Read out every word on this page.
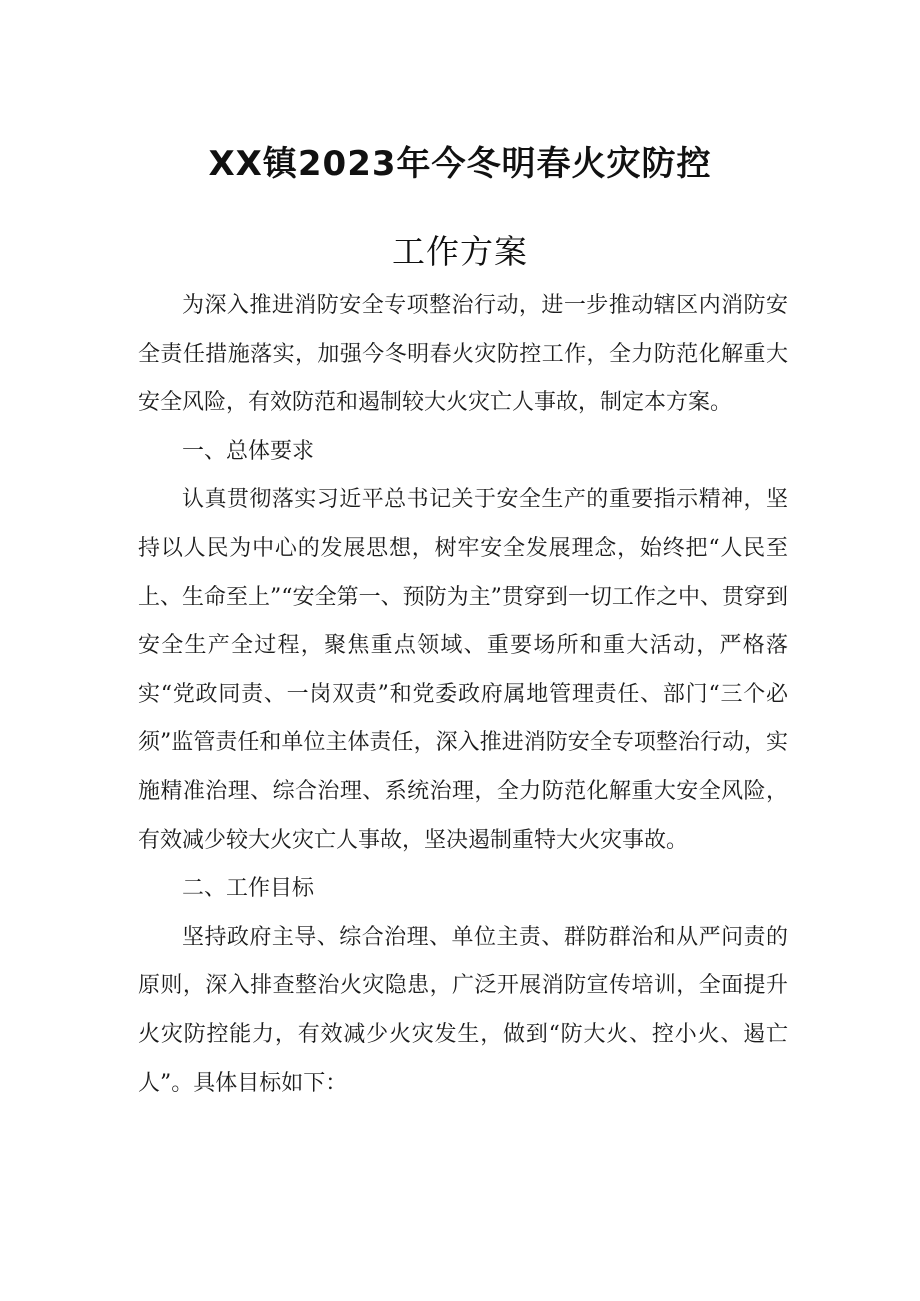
XX镇2023年今冬明春火灾防控
工作方案

为深入推进消防安全专项整治行动，进一步推动辖区内消防安全责任措施落实，加强今冬明春火灾防控工作，全力防范化解重大安全风险，有效防范和遏制较大火灾亡人事故，制定本方案。

一、总体要求

认真贯彻落实习近平总书记关于安全生产的重要指示精神，坚持以人民为中心的发展思想，树牢安全发展理念，始终把“人民至上、生命至上”“安全第一、预防为主”贯穿到一切工作之中、贯穿到安全生产全过程，聚焦重点领域、重要场所和重大活动，严格落实“党政同责、一岗双责”和党委政府属地管理责任、部门“三个必须”监管责任和单位主体责任，深入推进消防安全专项整治行动，实施精准治理、综合治理、系统治理，全力防范化解重大安全风险，有效减少较大火灾亡人事故，坚决遏制重特大火灾事故。

二、工作目标

坚持政府主导、综合治理、单位主责、群防群治和从严问责的原则，深入排查整治火灾隐患，广泛开展消防宣传培训，全面提升火灾防控能力，有效减少火灾发生，做到“防大火、控小火、遏亡人”。具体目标如下：
